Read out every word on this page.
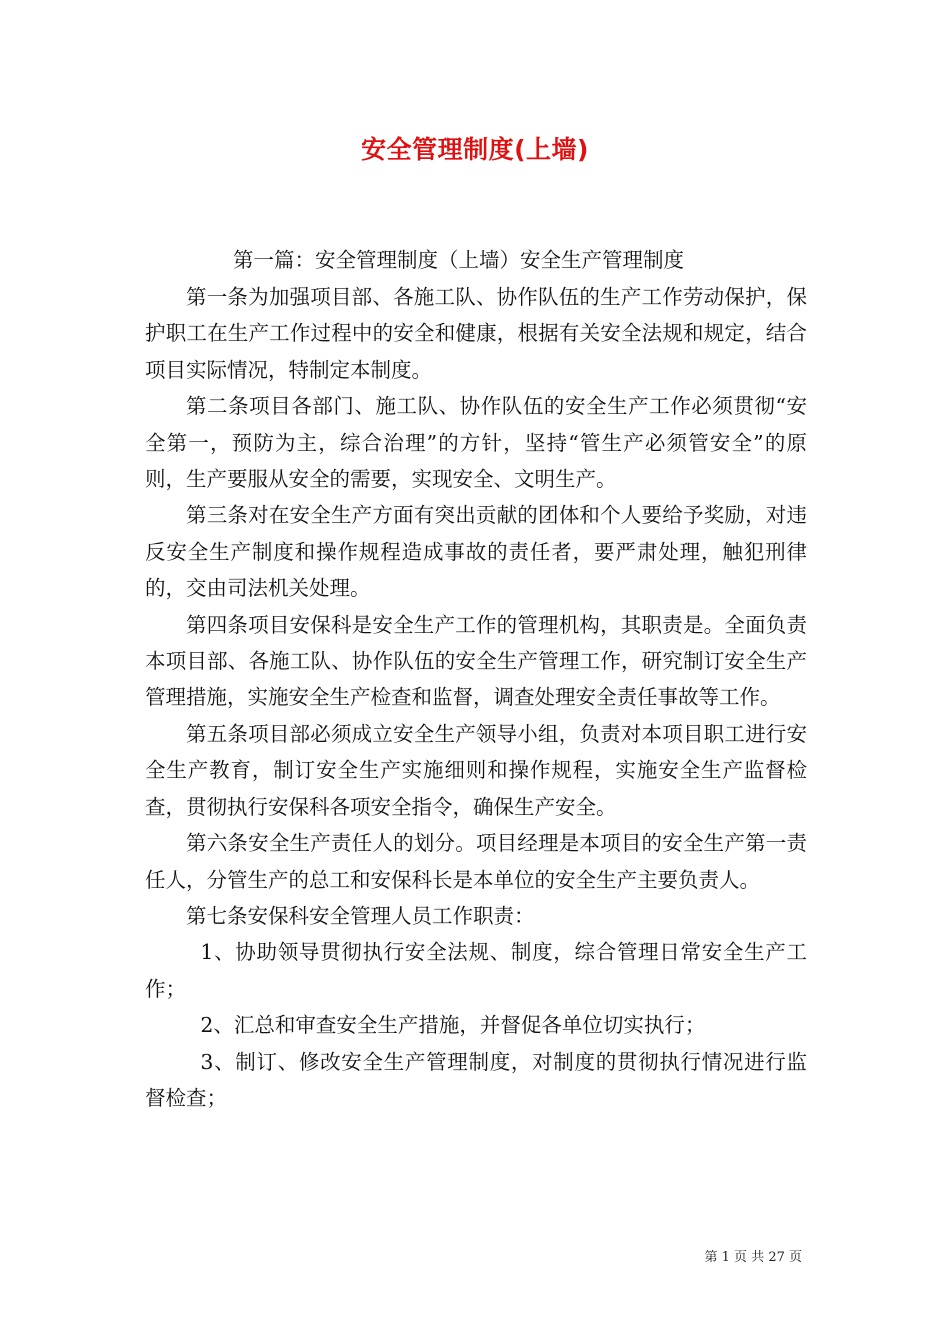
安全管理制度(上墙)
第一篇：安全管理制度（上墙）安全生产管理制度

第一条为加强项目部、各施工队、协作队伍的生产工作劳动保护，保护职工在生产工作过程中的安全和健康，根据有关安全法规和规定，结合项目实际情况，特制定本制度。

第二条项目各部门、施工队、协作队伍的安全生产工作必须贯彻“安全第一，预防为主，综合治理”的方针，坚持“管生产必须管安全”的原则，生产要服从安全的需要，实现安全、文明生产。

第三条对在安全生产方面有突出贡献的团体和个人要给予奖励，对违反安全生产制度和操作规程造成事故的责任者，要严肃处理，触犯刑律的，交由司法机关处理。

第四条项目安保科是安全生产工作的管理机构，其职责是。全面负责本项目部、各施工队、协作队伍的安全生产管理工作，研究制订安全生产管理措施，实施安全生产检查和监督，调查处理安全责任事故等工作。

第五条项目部必须成立安全生产领导小组，负责对本项目职工进行安全生产教育，制订安全生产实施细则和操作规程，实施安全生产监督检查，贯彻执行安保科各项安全指令，确保生产安全。

第六条安全生产责任人的划分。项目经理是本项目的安全生产第一责任人，分管生产的总工和安保科长是本单位的安全生产主要负责人。

第七条安保科安全管理人员工作职责：

1、协助领导贯彻执行安全法规、制度，综合管理日常安全生产工作；

2、汇总和审查安全生产措施，并督促各单位切实执行；

3、制订、修改安全生产管理制度，对制度的贯彻执行情况进行监督检查；

第 1 页 共 27 页
